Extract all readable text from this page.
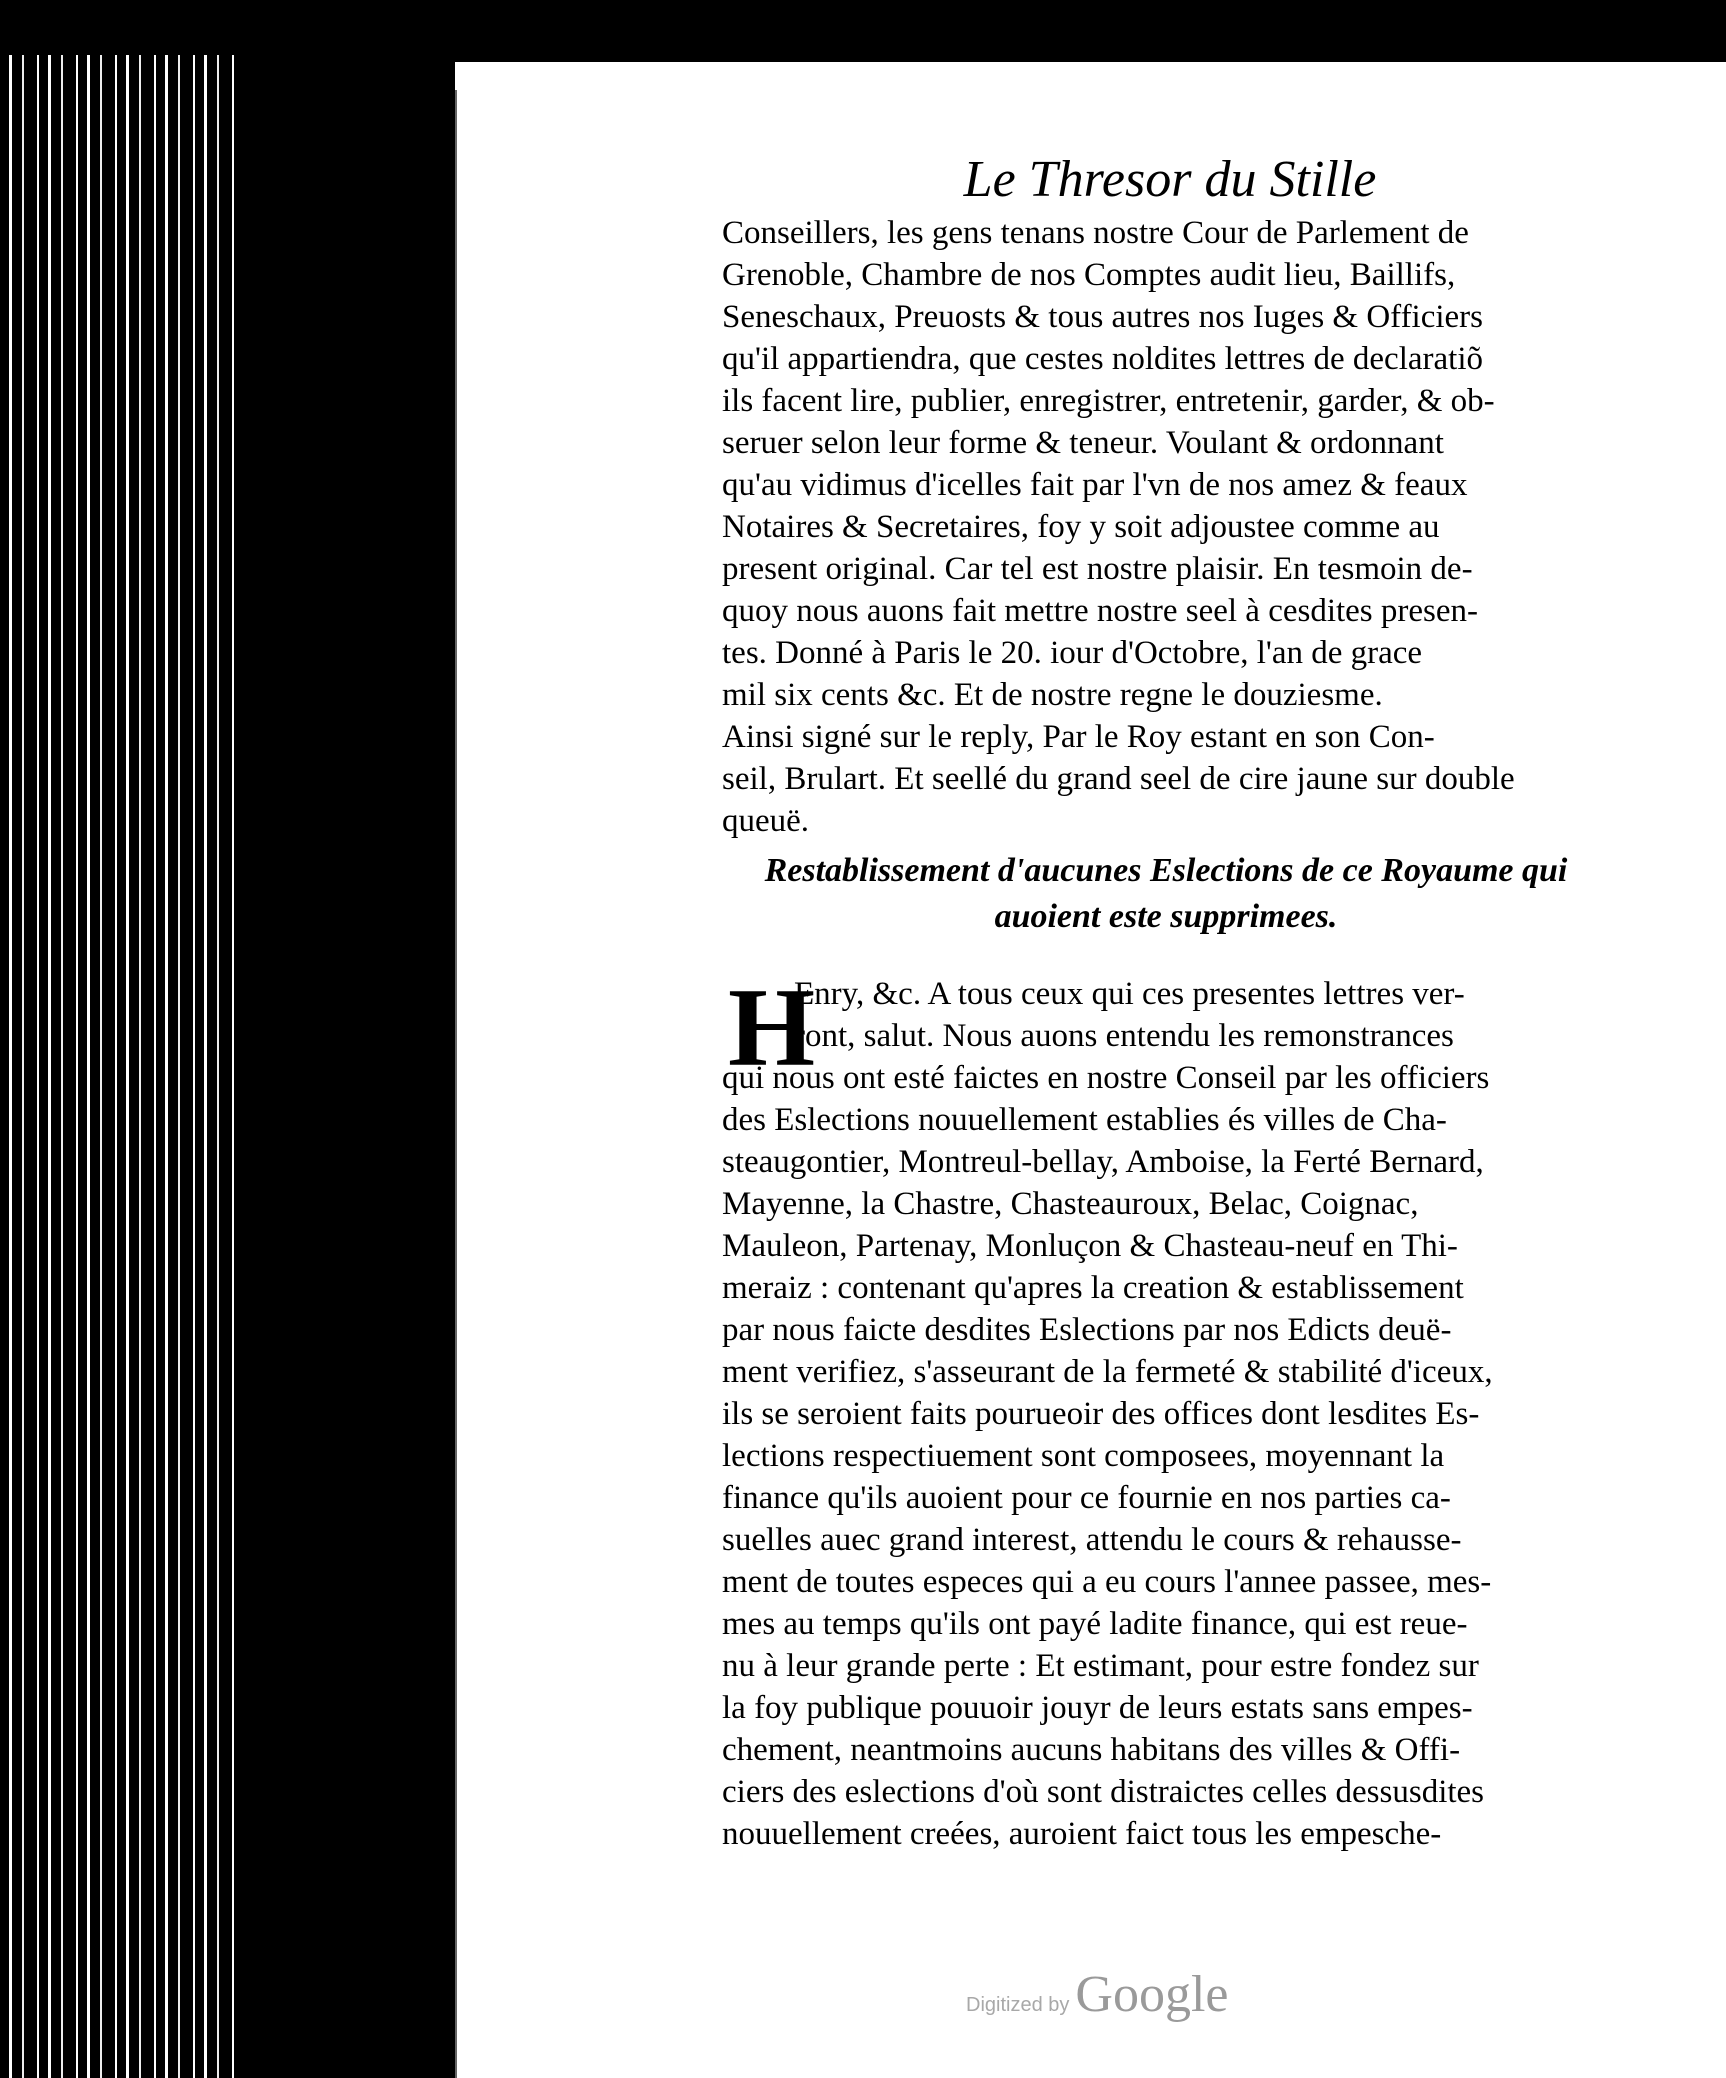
Le Thresor du Stille
Conseillers, les gens tenans nostre Cour de Parlement de
Grenoble, Chambre de nos Comptes audit lieu, Baillifs,
Seneschaux, Preuosts & tous autres nos Iuges & Officiers
qu'il appartiendra, que cestes noldites lettres de declaratiõ
ils facent lire, publier, enregistrer, entretenir, garder, & ob-
seruer selon leur forme & teneur. Voulant & ordonnant
qu'au vidimus d'icelles fait par l'vn de nos amez & feaux
Notaires & Secretaires, foy y soit adjoustee comme au
present original. Car tel est nostre plaisir. En tesmoin de-
quoy nous auons fait mettre nostre seel à cesdites presen-
tes. Donné à Paris le 20. iour d'Octobre, l'an de grace
mil six cents &c. Et de nostre regne le douziesme.
Ainsi signé sur le reply, Par le Roy estant en son Con-
seil, Brulart. Et seellé du grand seel de cire jaune sur double
queuë.
Restablissement d'aucunes Eslections de ce Royaume qui
auoient este supprimees.
H
Enry, &c. A tous ceux qui ces presentes lettres ver-
ront, salut. Nous auons entendu les remonstrances
qui nous ont esté faictes en nostre Conseil par les officiers
des Eslections nouuellement establies és villes de Cha-
steaugontier, Montreul-bellay, Amboise, la Ferté Bernard,
Mayenne, la Chastre, Chasteauroux, Belac, Coignac,
Mauleon, Partenay, Monluçon & Chasteau-neuf en Thi-
meraiz : contenant qu'apres la creation & establissement
par nous faicte desdites Eslections par nos Edicts deuë-
ment verifiez, s'asseurant de la fermeté & stabilité d'iceux,
ils se seroient faits pourueoir des offices dont lesdites Es-
lections respectiuement sont composees, moyennant la
finance qu'ils auoient pour ce fournie en nos parties ca-
suelles auec grand interest, attendu le cours & rehausse-
ment de toutes especes qui a eu cours l'annee passee, mes-
mes au temps qu'ils ont payé ladite finance, qui est reue-
nu à leur grande perte : Et estimant, pour estre fondez sur
la foy publique pouuoir jouyr de leurs estats sans empes-
chement, neantmoins aucuns habitans des villes & Offi-
ciers des eslections d'où sont distraictes celles dessusdites
nouuellement creées, auroient faict tous les empesche-
Digitized by Google
